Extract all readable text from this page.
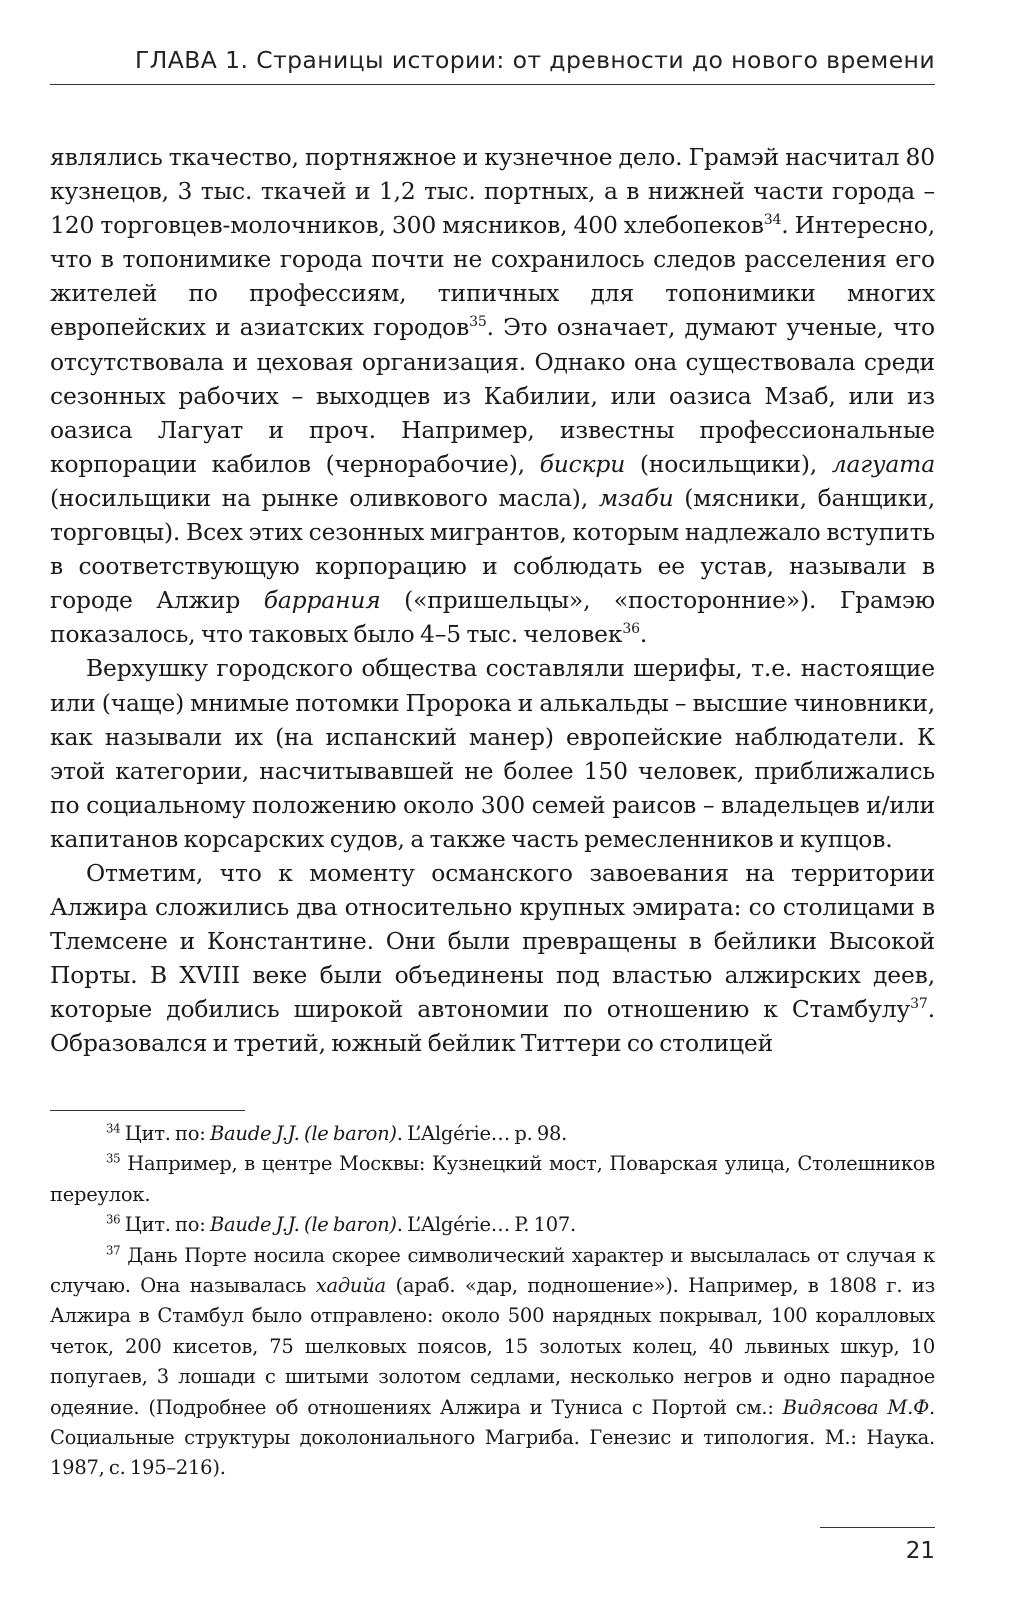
ГЛАВА 1. Страницы истории: от древности до нового времени

являлись ткачество, портняжное и кузнечное дело. Грамэй насчитал 80 кузнецов, 3 тыс. ткачей и 1,2 тыс. портных, а в нижней части города – 120 торговцев-молочников, 300 мясников, 400 хлебопеков$^{34}$. Интересно, что в топонимике города почти не сохранилось следов расселения его жителей по профессиям, типичных для топонимики многих европейских и азиатских городов$^{35}$. Это означает, думают ученые, что отсутствовала и цеховая организация. Однако она существовала среди сезонных рабочих – выходцев из Кабилии, или оазиса Мзаб, или из оазиса Лагуат и проч. Например, известны профессиональные корпорации кабилов (чернорабочие), бискри (носильщики), лагуата (носильщики на рынке оливкового масла), мзаби (мясники, банщики, торговцы). Всех этих сезонных мигрантов, которым надлежало вступить в соответствующую корпорацию и соблюдать ее устав, называли в городе Алжир баррания («пришельцы», «посторонние»). Грамэю показалось, что таковых было 4–5 тыс. человек$^{36}$.

Верхушку городского общества составляли шерифы, т.е. настоящие или (чаще) мнимые потомки Пророка и алькальды – высшие чиновники, как называли их (на испанский манер) европейские наблюдатели. К этой категории, насчитывавшей не более 150 человек, приближались по социальному положению около 300 семей раисов – владельцев и/или капитанов корсарских судов, а также часть ремесленников и купцов.

Отметим, что к моменту османского завоевания на территории Алжира сложились два относительно крупных эмирата: со столицами в Тлемсене и Константине. Они были превращены в бейлики Высокой Порты. В XVIII веке были объединены под властью алжирских деев, которые добились широкой автономии по отношению к Стамбулу$^{37}$. Образовался и третий, южный бейлик Титтери со столицей

$^{34}$ Цит. по: Baude J.J. (le baron). L’Algérie… p. 98.

$^{35}$ Например, в центре Москвы: Кузнецкий мост, Поварская улица, Столешников переулок.

$^{36}$ Цит. по: Baude J.J. (le baron). L’Algérie… P. 107.

$^{37}$ Дань Порте носила скорее символический характер и высылалась от случая к случаю. Она называлась хадийа (араб. «дар, подношение»). Например, в 1808 г. из Алжира в Стамбул было отправлено: около 500 нарядных покрывал, 100 коралловых четок, 200 кисетов, 75 шелковых поясов, 15 золотых колец, 40 львиных шкур, 10 попугаев, 3 лошади с шитыми золотом седлами, несколько негров и одно парадное одеяние. (Подробнее об отношениях Алжира и Туниса с Портой см.: Видясова М.Ф. Социальные структуры доколониального Магриба. Генезис и типология. М.: Наука. 1987, с. 195–216).

21
